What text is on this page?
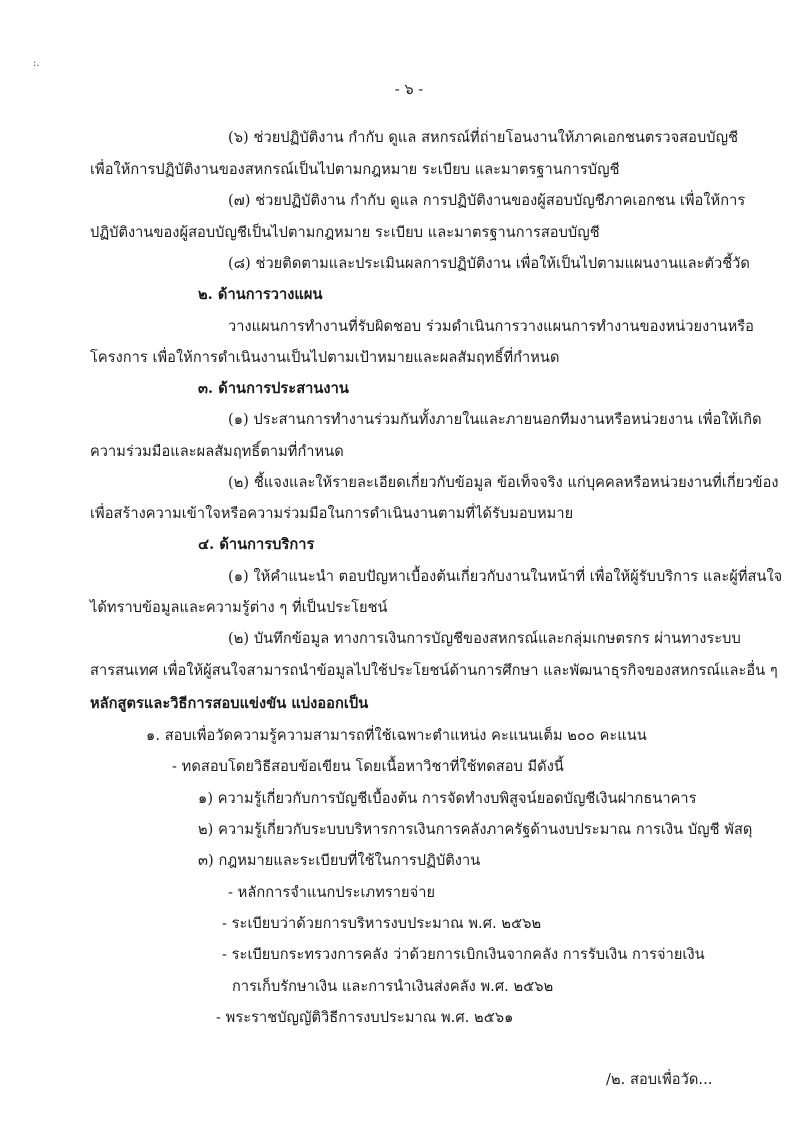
:.
- ๖ -
(๖) ช่วยปฏิบัติงาน กำกับ ดูแล สหกรณ์ที่ถ่ายโอนงานให้ภาคเอกชนตรวจสอบบัญชี
เพื่อให้การปฏิบัติงานของสหกรณ์เป็นไปตามกฎหมาย ระเบียบ และมาตรฐานการบัญชี
(๗) ช่วยปฏิบัติงาน กำกับ ดูแล การปฏิบัติงานของผู้สอบบัญชีภาคเอกชน เพื่อให้การ
ปฏิบัติงานของผู้สอบบัญชีเป็นไปตามกฎหมาย ระเบียบ และมาตรฐานการสอบบัญชี
(๘) ช่วยติดตามและประเมินผลการปฏิบัติงาน เพื่อให้เป็นไปตามแผนงานและตัวชี้วัด
๒. ด้านการวางแผน
วางแผนการทำงานที่รับผิดชอบ ร่วมดำเนินการวางแผนการทำงานของหน่วยงานหรือ
โครงการ เพื่อให้การดำเนินงานเป็นไปตามเป้าหมายและผลสัมฤทธิ์ที่กำหนด
๓. ด้านการประสานงาน
(๑) ประสานการทำงานร่วมกันทั้งภายในและภายนอกทีมงานหรือหน่วยงาน เพื่อให้เกิด
ความร่วมมือและผลสัมฤทธิ์ตามที่กำหนด
(๒) ชี้แจงและให้รายละเอียดเกี่ยวกับข้อมูล ข้อเท็จจริง แก่บุคคลหรือหน่วยงานที่เกี่ยวข้อง
เพื่อสร้างความเข้าใจหรือความร่วมมือในการดำเนินงานตามที่ได้รับมอบหมาย
๔. ด้านการบริการ
(๑) ให้คำแนะนำ ตอบปัญหาเบื้องต้นเกี่ยวกับงานในหน้าที่ เพื่อให้ผู้รับบริการ และผู้ที่สนใจ
ได้ทราบข้อมูลและความรู้ต่าง ๆ ที่เป็นประโยชน์
(๒) บันทึกข้อมูล ทางการเงินการบัญชีของสหกรณ์และกลุ่มเกษตรกร ผ่านทางระบบ
สารสนเทศ เพื่อให้ผู้สนใจสามารถนำข้อมูลไปใช้ประโยชน์ด้านการศึกษา และพัฒนาธุรกิจของสหกรณ์และอื่น ๆ
หลักสูตรและวิธีการสอบแข่งขัน แบ่งออกเป็น
๑. สอบเพื่อวัดความรู้ความสามารถที่ใช้เฉพาะตำแหน่ง คะแนนเต็ม ๒๐๐ คะแนน
- ทดสอบโดยวิธีสอบข้อเขียน โดยเนื้อหาวิชาที่ใช้ทดสอบ มีดังนี้
๑) ความรู้เกี่ยวกับการบัญชีเบื้องต้น การจัดทำงบพิสูจน์ยอดบัญชีเงินฝากธนาคาร
๒) ความรู้เกี่ยวกับระบบบริหารการเงินการคลังภาครัฐด้านงบประมาณ การเงิน บัญชี พัสดุ
๓) กฎหมายและระเบียบที่ใช้ในการปฏิบัติงาน
- หลักการจำแนกประเภทรายจ่าย
- ระเบียบว่าด้วยการบริหารงบประมาณ พ.ศ. ๒๕๖๒
- ระเบียบกระทรวงการคลัง ว่าด้วยการเบิกเงินจากคลัง การรับเงิน การจ่ายเงิน
การเก็บรักษาเงิน และการนำเงินส่งคลัง พ.ศ. ๒๕๖๒
- พระราชบัญญัติวิธีการงบประมาณ พ.ศ. ๒๕๖๑
/๒. สอบเพื่อวัด...
